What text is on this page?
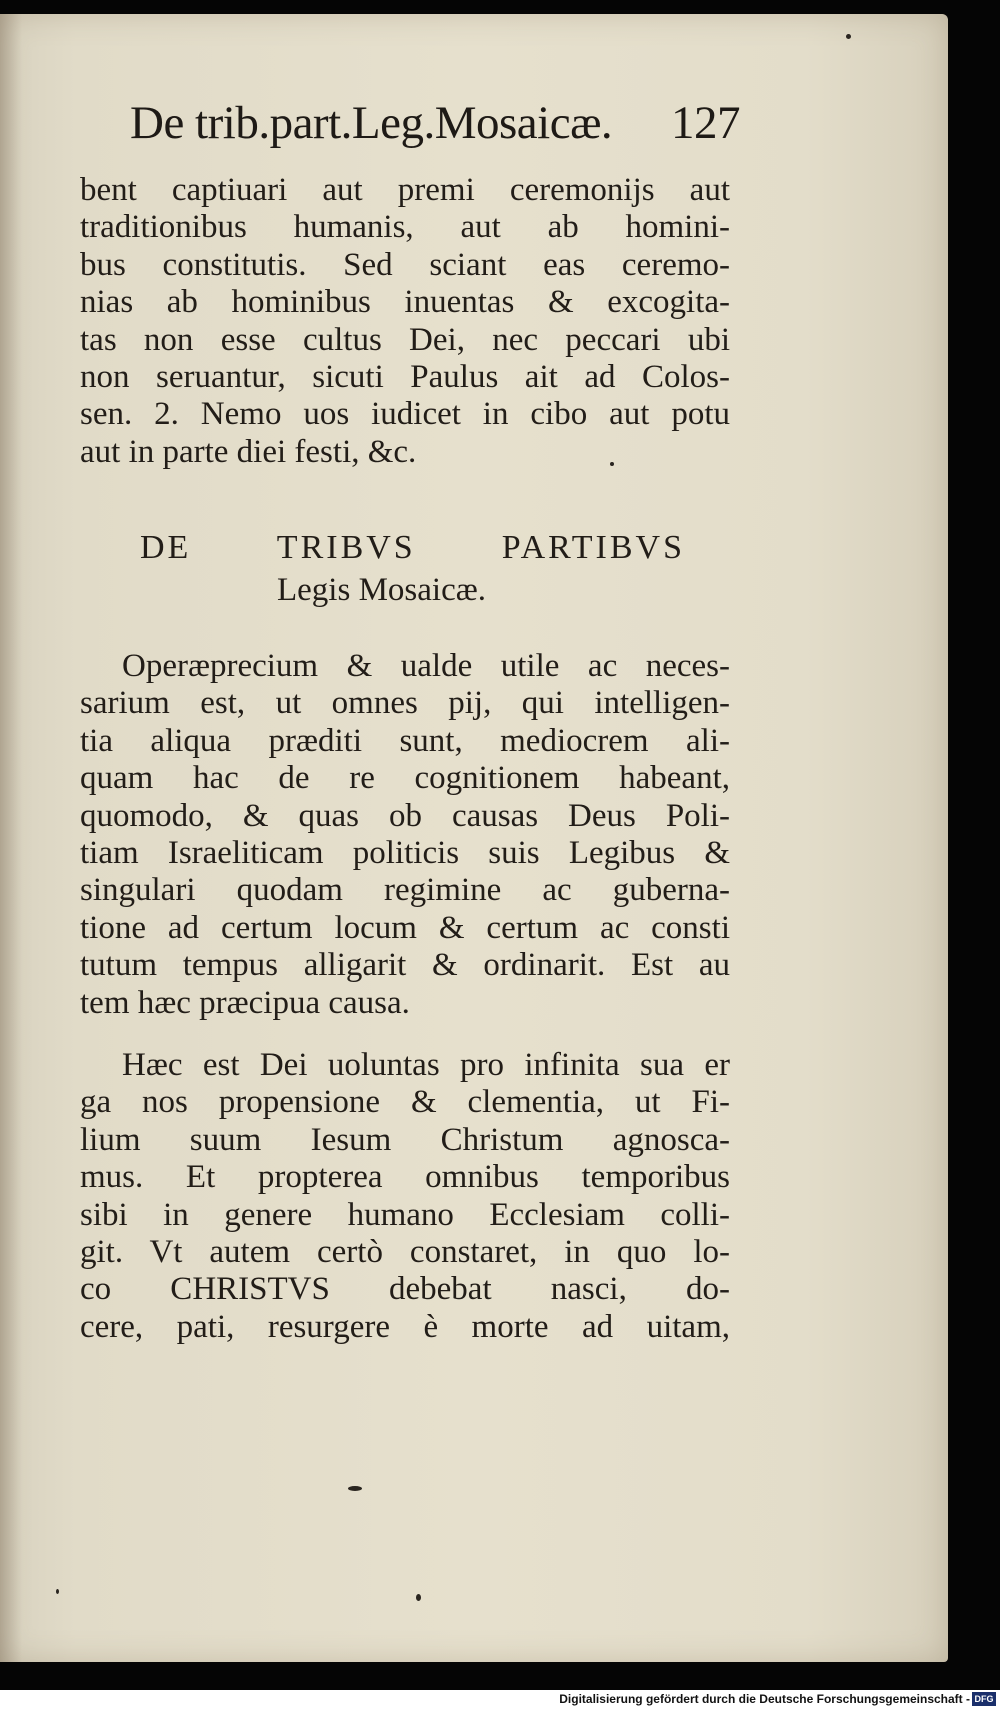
De trib.part.Leg.Mosaicæ. 127
bent captiuari aut premi ceremonijs aut
traditionibus humanis, aut ab homini-
bus constitutis. Sed sciant eas ceremo-
nias ab hominibus inuentas & excogita-
tas non esse cultus Dei, nec peccari ubi
non seruantur, sicuti Paulus ait ad Colos-
sen. 2. Nemo uos iudicet in cibo aut potu
aut in parte diei festi, &c.
DE TRIBVS PARTIBVS
Legis Mosaicæ.
Operæprecium & ualde utile ac neces-
sarium est, ut omnes pij, qui intelligen-
tia aliqua præditi sunt, mediocrem ali-
quam hac de re cognitionem habeant,
quomodo, & quas ob causas Deus Poli-
tiam Israeliticam politicis suis Legibus &
singulari quodam regimine ac guberna-
tione ad certum locum & certum ac consti
tutum tempus alligarit & ordinarit. Est au
tem hæc præcipua causa.
Hæc est Dei uoluntas pro infinita sua er
ga nos propensione & clementia, ut Fi-
lium suum Iesum Christum agnosca-
mus. Et propterea omnibus temporibus
sibi in genere humano Ecclesiam colli-
git. Vt autem certò constaret, in quo lo-
co CHRISTVS debebat nasci, do-
cere, pati, resurgere è morte ad uitam,
Digitalisierung gefördert durch die Deutsche Forschungsgemeinschaft - DFG
